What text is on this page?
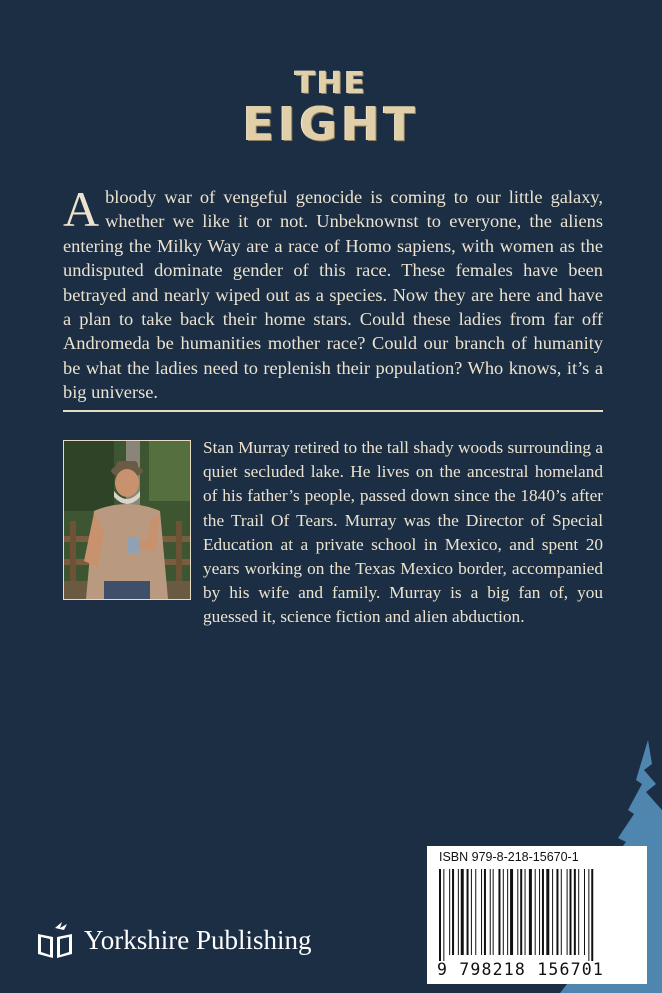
THE
EIGHT

A bloody war of vengeful genocide is coming to our little galaxy, whether we like it or not. Unbeknownst to everyone, the aliens entering the Milky Way are a race of Homo sapiens, with women as the undisputed dominate gender of this race. These females have been betrayed and nearly wiped out as a species. Now they are here and have a plan to take back their home stars. Could these ladies from far off Andromeda be humanities mother race? Could our branch of humanity be what the ladies need to replenish their population? Who knows, it’s a big universe.

Stan Murray retired to the tall shady woods surrounding a quiet secluded lake. He lives on the ancestral homeland of his father’s people, passed down since the 1840’s after the Trail Of Tears. Murray was the Director of Special Education at a private school in Mexico, and spent 20 years working on the Texas Mexico border, accompanied by his wife and family. Murray is a big fan of, you guessed it, science fiction and alien abduction.

ISBN 979-8-218-15670-1
9 798218 156701
Yorkshire Publishing
